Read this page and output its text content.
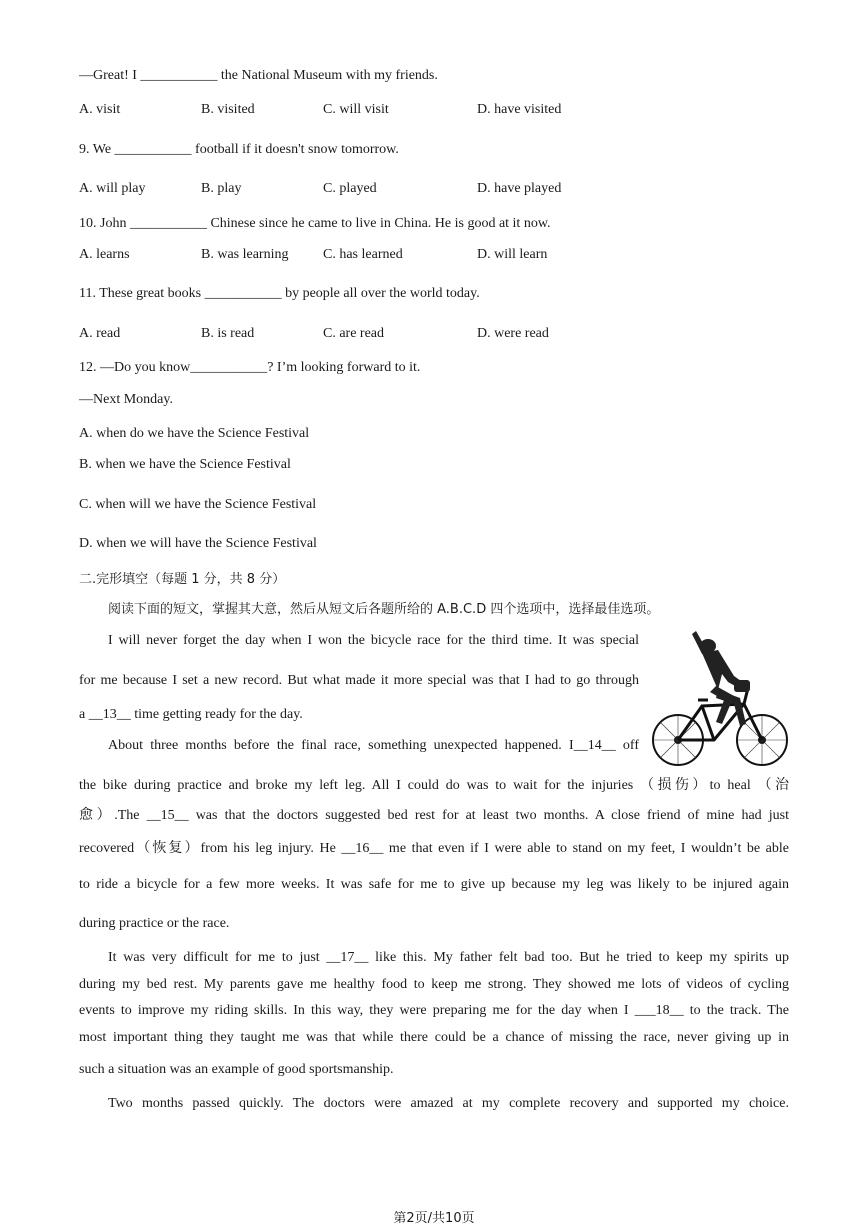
—Great! I ___________ the National Museum with my friends.
A. visit	B. visited	C. will visit	D. have visited
9. We ___________ football if it doesn't snow tomorrow.
A. will play	B. play	C. played	D. have played
10. John ___________ Chinese since he came to live in China. He is good at it now.
A. learns	B. was learning C. has learned	D. will learn
11. These great books ___________ by people all over the world today.
A. read	B. is read	C. are read	D. were read
12. —Do you know___________? I’m looking forward to it.
—Next Monday.
A. when do we have the Science Festival
B. when we have the Science Festival
C. when will we have the Science Festival
D. when we will have the Science Festival
二.完形填空（每题 1 分，共 8 分）
阅读下面的短文，掌握其大意，然后从短文后各题所给的 A.B.C.D 四个选项中，选择最佳选项。
I will never forget the day when I won the bicycle race for the third time. It was special
for me because I set a new record. But what made it more special was that I had to go through
a __13__ time getting ready for the day.
About three months before the final race, something unexpected happened. I__14__ off
the bike during practice and broke my left leg. All I could do was to wait for the injuries （损伤）to heal （治
愈）.The __15__ was that the doctors suggested bed rest for at least two months. A close friend of mine had just
recovered（恢复）from his leg injury. He __16__ me that even if I were able to stand on my feet, I wouldn’t be able
to ride a bicycle for a few more weeks. It was safe for me to give up because my leg was likely to be injured again
during practice or the race.
It was very difficult for me to just __17__ like this. My father felt bad too. But he tried to keep my spirits up
during my bed rest. My parents gave me healthy food to keep me strong. They showed me lots of videos of cycling
events to improve my riding skills. In this way, they were preparing me for the day when I ___18__ to the track. The
most important thing they taught me was that while there could be a chance of missing the race, never giving up in
such a situation was an example of good sportsmanship.
Two months passed quickly. The doctors were amazed at my complete recovery and supported my choice.
第2页/共10页
